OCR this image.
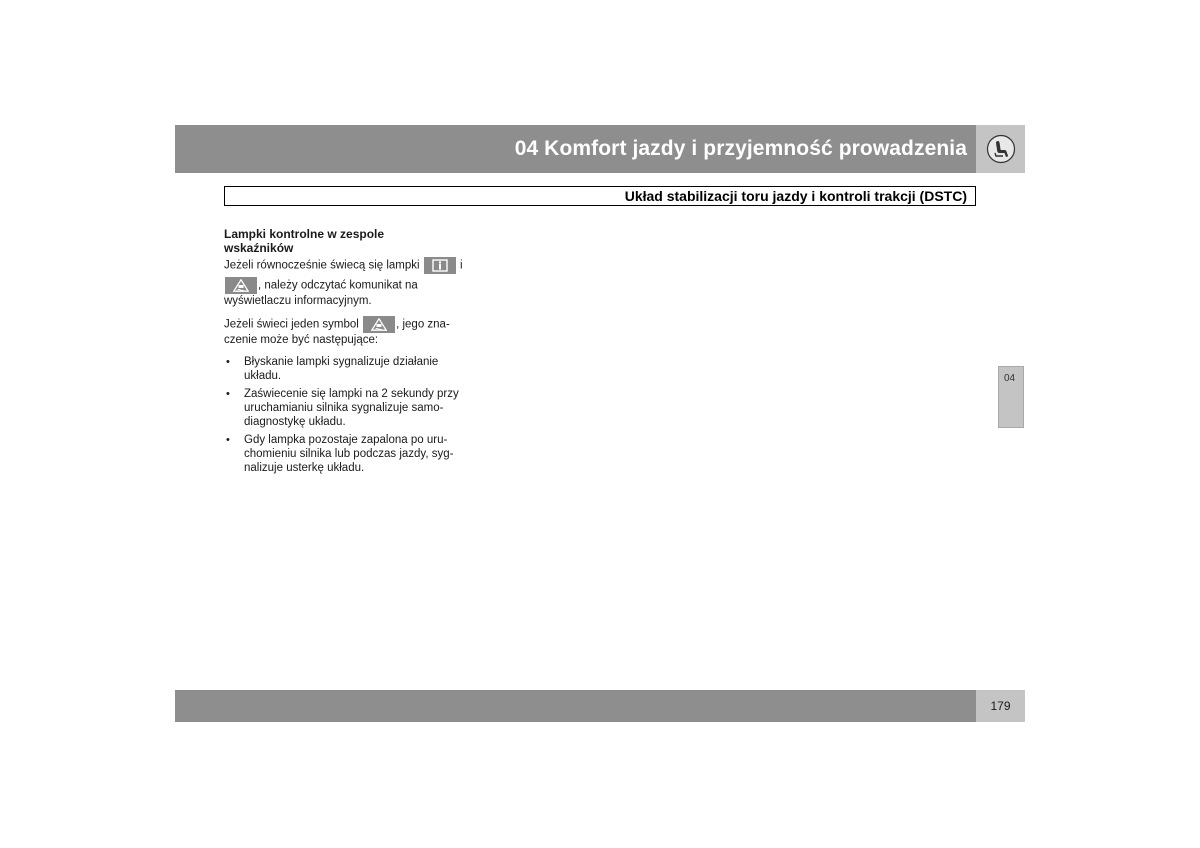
04 Komfort jazdy i przyjemność prowadzenia
Układ stabilizacji toru jazdy i kontroli trakcji (DSTC)
Lampki kontrolne w zespole
wskaźników
Jeżeli równocześnie świecą się lampki	i
, należy odczytać komunikat na
wyświetlaczu informacyjnym.
Jeżeli świeci jeden symbol	, jego zna-
czenie może być następujące:
• Błyskanie lampki sygnalizuje działanie
układu.
• Zaświecenie się lampki na 2 sekundy przy
uruchamianiu silnika sygnalizuje samo-
diagnostykę układu.
• Gdy lampka pozostaje zapalona po uru-
chomieniu silnika lub podczas jazdy, syg-
nalizuje usterkę układu.
04
179
